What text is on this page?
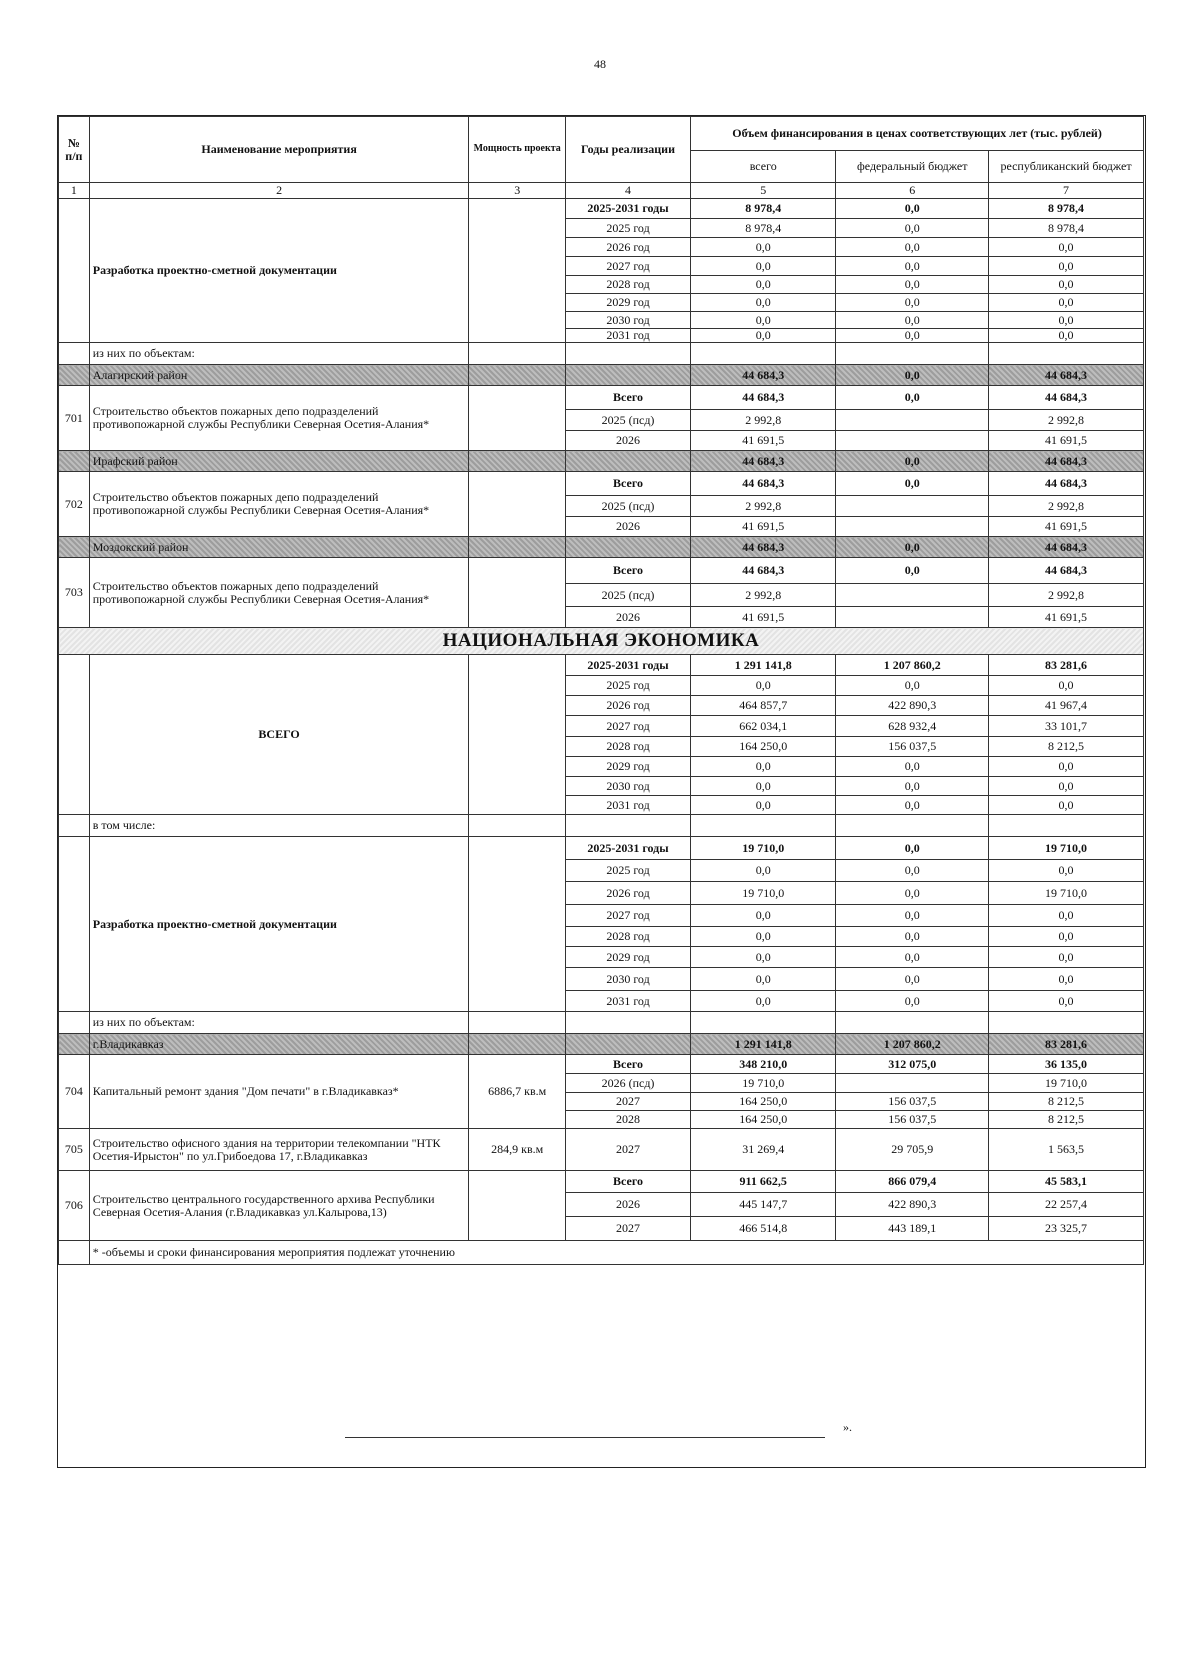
48
№ п/п	Наименование мероприятия	Мощность проекта	Годы реализации	Объем финансирования в ценах соответствующих лет (тыс. рублей)		
				всего	федеральный бюджет	республиканский бюджет
1	2	3	4	5	6	7
	Разработка проектно-сметной документации		2025-2031 годы	8 978,4	0,0	8 978,4
			2025 год	8 978,4	0,0	8 978,4
			2026 год	0,0	0,0	0,0
			2027 год	0,0	0,0	0,0
			2028 год	0,0	0,0	0,0
			2029 год	0,0	0,0	0,0
			2030 год	0,0	0,0	0,0
			2031 год	0,0	0,0	0,0
	из них по объектам:					
	Алагирский район			44 684,3	0,0	44 684,3
701	Строительство объектов пожарных депо подразделений противопожарной службы Республики Северная Осетия-Алания*		Всего	44 684,3	0,0	44 684,3
			2025 (псд)	2 992,8		2 992,8
			2026	41 691,5		41 691,5
	Ирафский район			44 684,3	0,0	44 684,3
702	Строительство объектов пожарных депо подразделений противопожарной службы Республики Северная Осетия-Алания*		Всего	44 684,3	0,0	44 684,3
			2025 (псд)	2 992,8		2 992,8
			2026	41 691,5		41 691,5
	Моздокский район			44 684,3	0,0	44 684,3
703	Строительство объектов пожарных депо подразделений противопожарной службы Республики Северная Осетия-Алания*		Всего	44 684,3	0,0	44 684,3
			2025 (псд)	2 992,8		2 992,8
			2026	41 691,5		41 691,5
НАЦИОНАЛЬНАЯ ЭКОНОМИКА						
	ВСЕГО		2025-2031 годы	1 291 141,8	1 207 860,2	83 281,6
			2025 год	0,0	0,0	0,0
			2026 год	464 857,7	422 890,3	41 967,4
			2027 год	662 034,1	628 932,4	33 101,7
			2028 год	164 250,0	156 037,5	8 212,5
			2029 год	0,0	0,0	0,0
			2030 год	0,0	0,0	0,0
			2031 год	0,0	0,0	0,0
	в том числе:					
	Разработка проектно-сметной документации		2025-2031 годы	19 710,0	0,0	19 710,0
			2025 год	0,0	0,0	0,0
			2026 год	19 710,0	0,0	19 710,0
			2027 год	0,0	0,0	0,0
			2028 год	0,0	0,0	0,0
			2029 год	0,0	0,0	0,0
			2030 год	0,0	0,0	0,0
			2031 год	0,0	0,0	0,0
	из них по объектам:					
	г.Владикавказ			1 291 141,8	1 207 860,2	83 281,6
704	Капитальный ремонт здания "Дом печати" в г.Владикавказ*	6886,7 кв.м	Всего	348 210,0	312 075,0	36 135,0
			2026 (псд)	19 710,0		19 710,0
			2027	164 250,0	156 037,5	8 212,5
			2028	164 250,0	156 037,5	8 212,5
705	Строительство офисного здания на территории телекомпании "НТК Осетия-Ирыстон" по ул.Грибоедова 17, г.Владикавказ	284,9 кв.м	2027	31 269,4	29 705,9	1 563,5
706	Строительство центрального государственного архива Республики Северная Осетия-Алания (г.Владикавказ ул.Калырова,13)		Всего	911 662,5	866 079,4	45 583,1
			2026	445 147,7	422 890,3	22 257,4
			2027	466 514,8	443 189,1	23 325,7
	* -объемы и сроки финансирования мероприятия подлежат уточнению					
».
